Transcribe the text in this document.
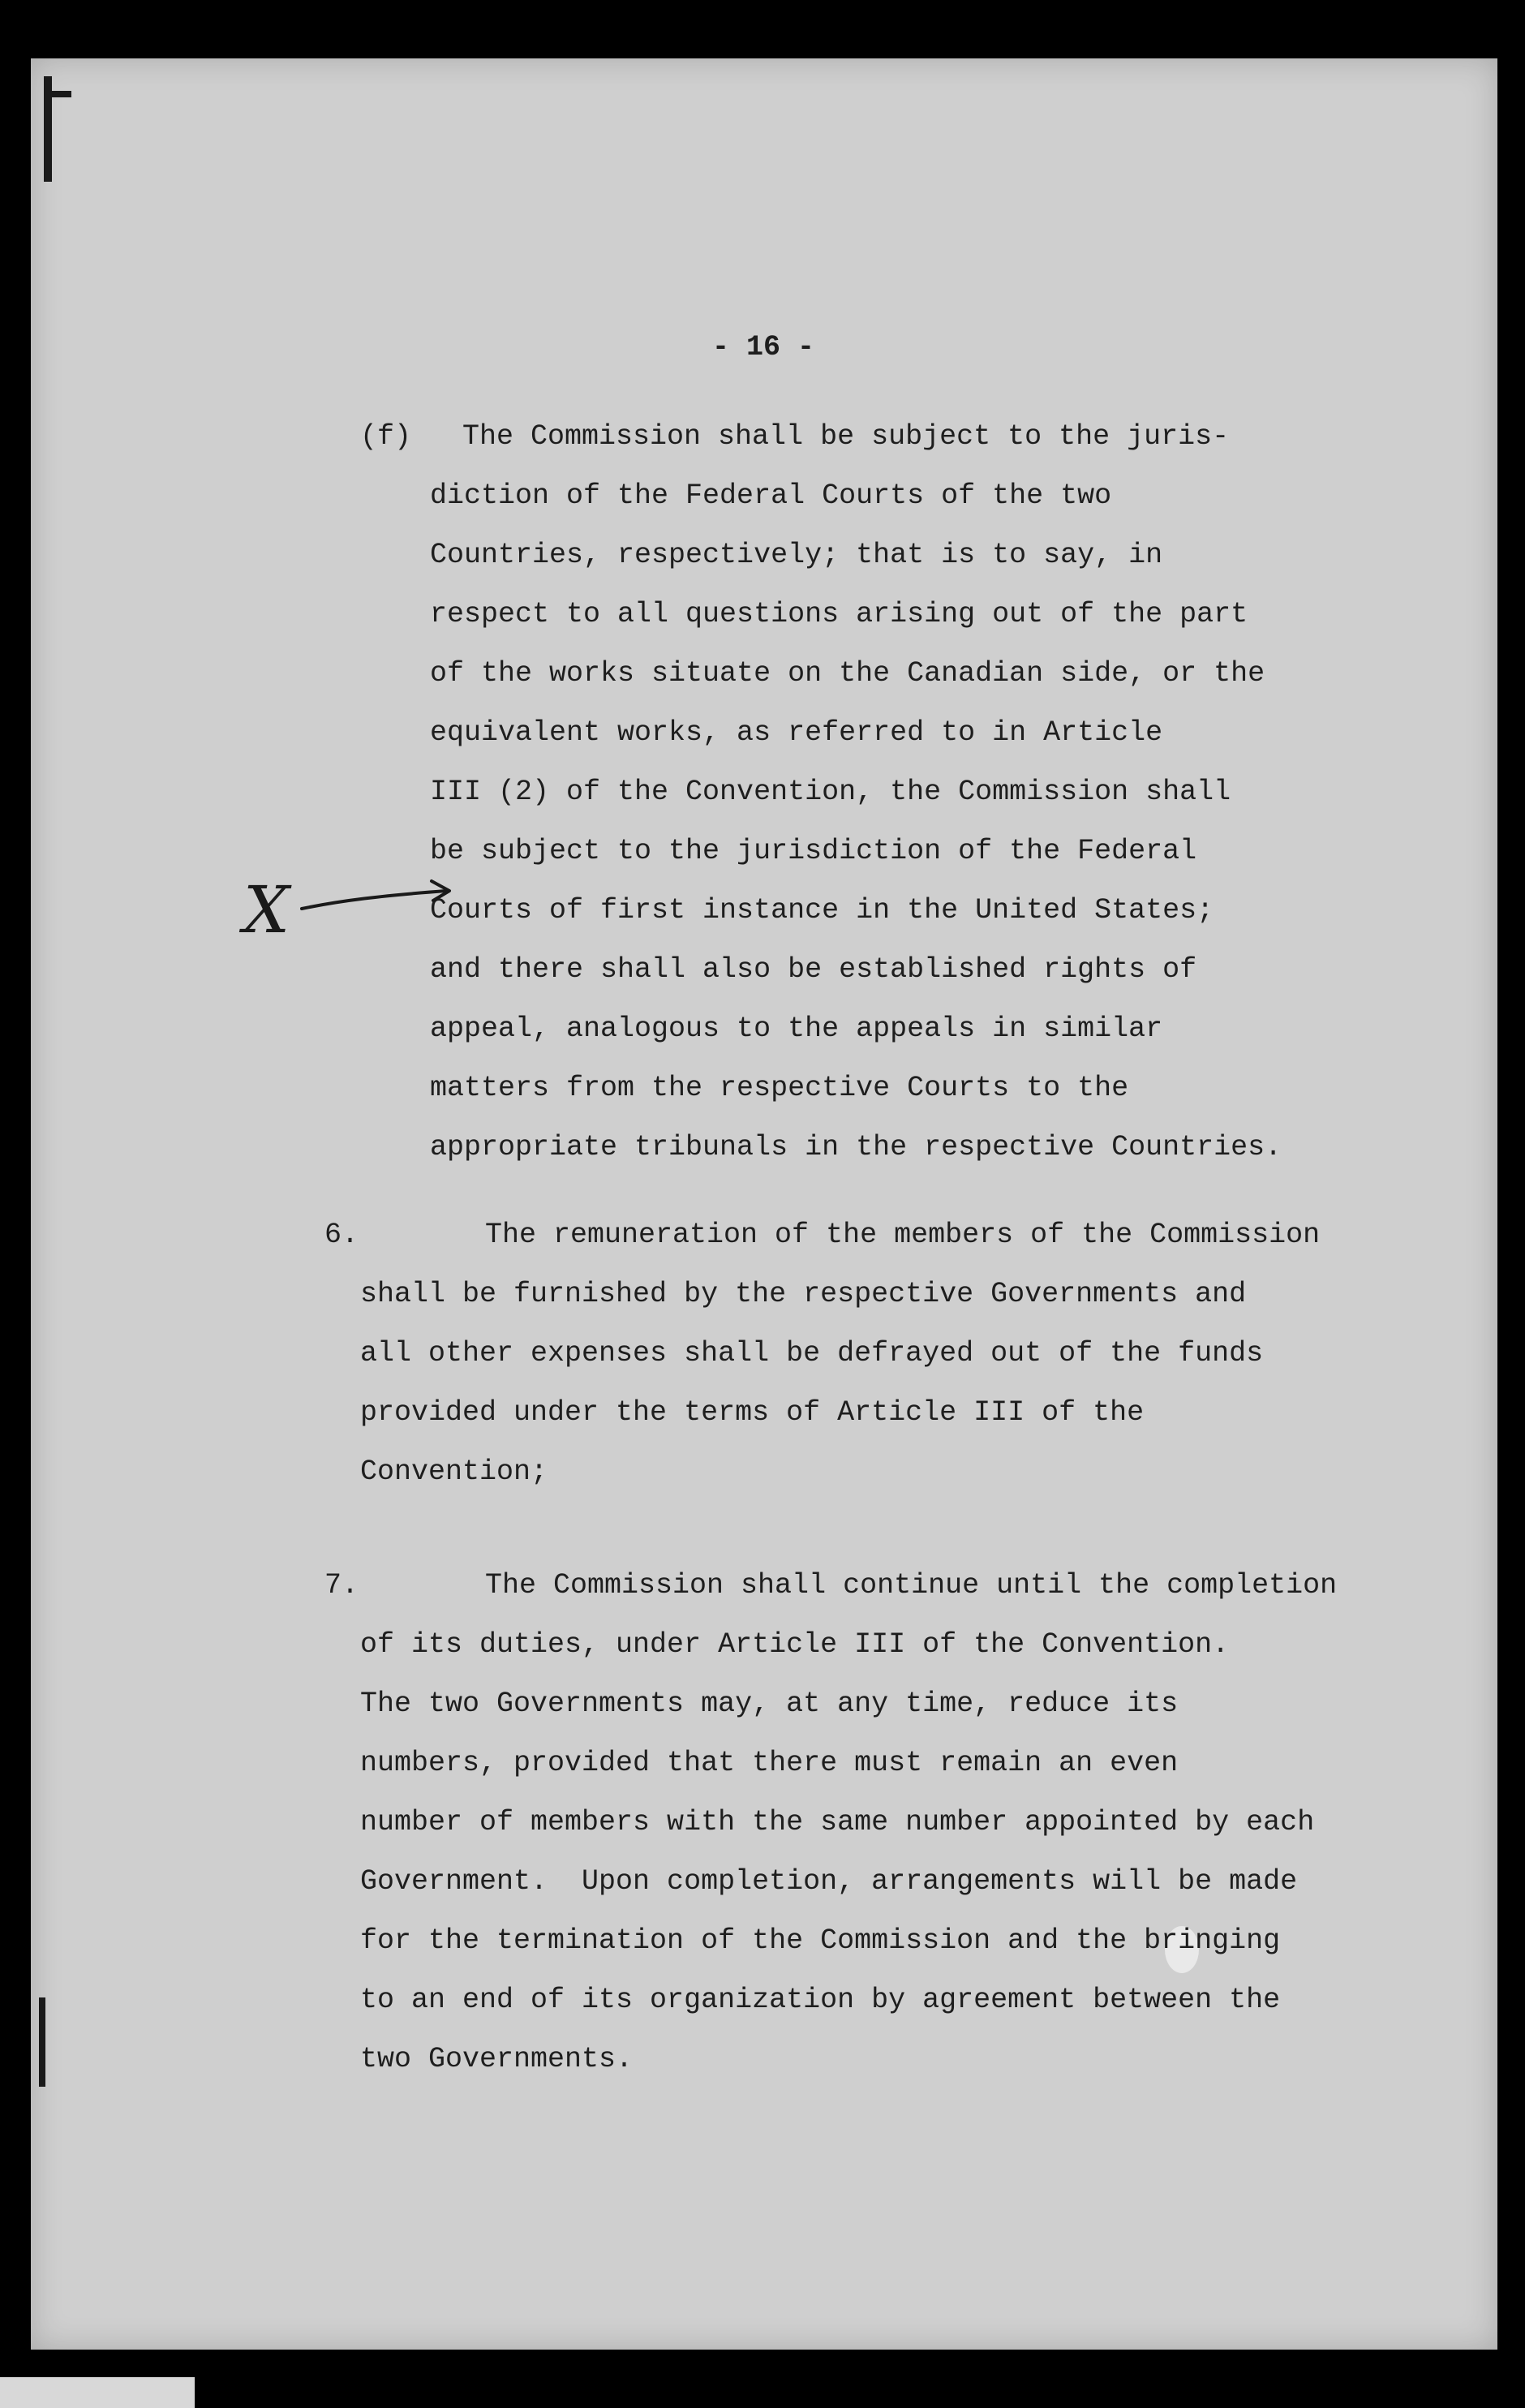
- 16 -

(f) The Commission shall be subject to the juris-

diction of the Federal Courts of the two

Countries, respectively; that is to say, in

respect to all questions arising out of the part

of the works situate on the Canadian side, or the

equivalent works, as referred to in Article

III (2) of the Convention, the Commission shall

be subject to the jurisdiction of the Federal

Courts of first instance in the United States;

and there shall also be established rights of

appeal, analogous to the appeals in similar

matters from the respective Courts to the

appropriate tribunals in the respective Countries.

X
6.	The remuneration of the members of the Commission

shall be furnished by the respective Governments and

all other expenses shall be defrayed out of the funds

provided under the terms of Article III of the

Convention;

7.	The Commission shall continue until the completion

of its duties, under Article III of the Convention.

The two Governments may, at any time, reduce its

numbers, provided that there must remain an even

number of members with the same number appointed by each

Government.  Upon completion, arrangements will be made

for the termination of the Commission and the bringing

to an end of its organization by agreement between the

two Governments.
